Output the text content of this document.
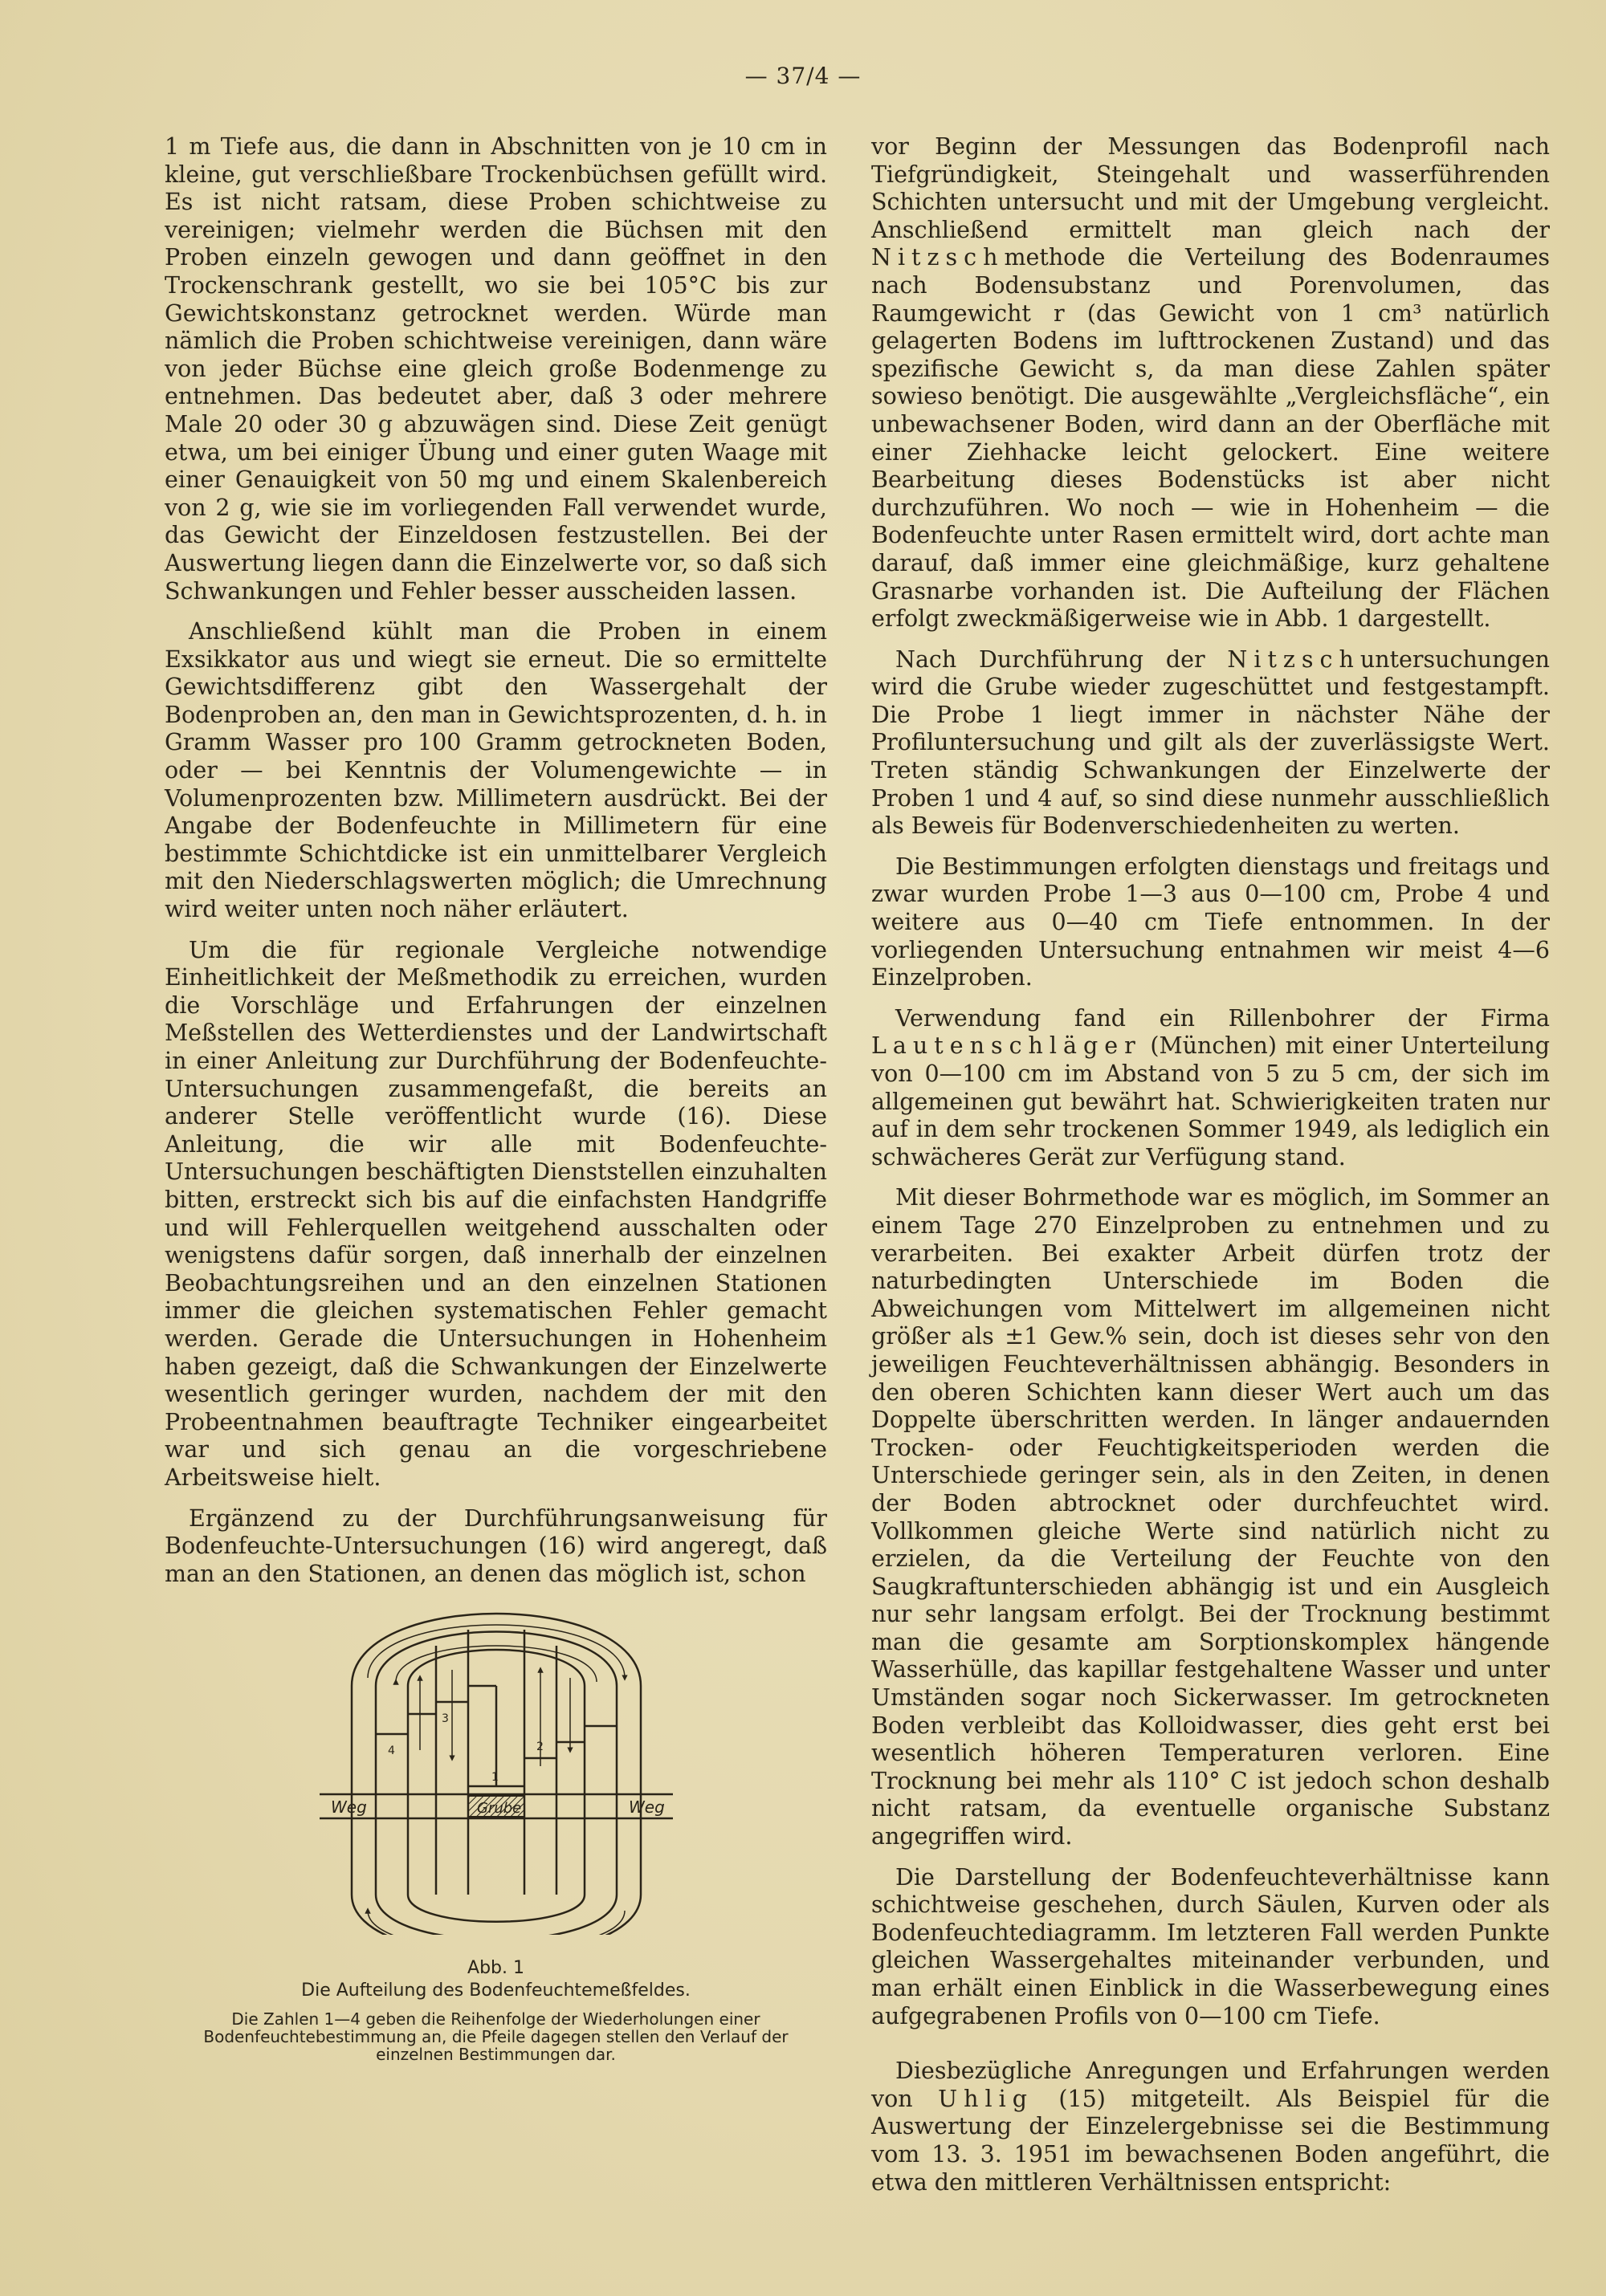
— 37/4 —

1 m Tiefe aus, die dann in Abschnitten von je 10 cm in kleine, gut verschließbare Trockenbüchsen gefüllt wird. Es ist nicht ratsam, diese Proben schichtweise zu vereinigen; vielmehr werden die Büchsen mit den Proben einzeln gewogen und dann geöffnet in den Trockenschrank gestellt, wo sie bei 105°C bis zur Gewichtskonstanz getrocknet werden. Würde man nämlich die Proben schichtweise vereinigen, dann wäre von jeder Büchse eine gleich große Bodenmenge zu entnehmen. Das bedeutet aber, daß 3 oder mehrere Male 20 oder 30 g abzuwägen sind. Diese Zeit genügt etwa, um bei einiger Übung und einer guten Waage mit einer Genauigkeit von 50 mg und einem Skalenbereich von 2 g, wie sie im vorliegenden Fall verwendet wurde, das Gewicht der Einzeldosen festzustellen. Bei der Auswertung liegen dann die Einzelwerte vor, so daß sich Schwankungen und Fehler besser ausscheiden lassen.

Anschließend kühlt man die Proben in einem Exsikkator aus und wiegt sie erneut. Die so ermittelte Gewichtsdifferenz gibt den Wassergehalt der Bodenproben an, den man in Gewichtsprozenten, d. h. in Gramm Wasser pro 100 Gramm getrockneten Boden, oder — bei Kenntnis der Volumengewichte — in Volumenprozenten bzw. Millimetern ausdrückt. Bei der Angabe der Bodenfeuchte in Millimetern für eine bestimmte Schichtdicke ist ein unmittelbarer Vergleich mit den Niederschlagswerten möglich; die Umrechnung wird weiter unten noch näher erläutert.

Um die für regionale Vergleiche notwendige Einheitlichkeit der Meßmethodik zu erreichen, wurden die Vorschläge und Erfahrungen der einzelnen Meßstellen des Wetterdienstes und der Landwirtschaft in einer Anleitung zur Durchführung der Bodenfeuchte-Untersuchungen zusammengefaßt, die bereits an anderer Stelle veröffentlicht wurde (16). Diese Anleitung, die wir alle mit Bodenfeuchte-Untersuchungen beschäftigten Dienststellen einzuhalten bitten, erstreckt sich bis auf die einfachsten Handgriffe und will Fehlerquellen weitgehend ausschalten oder wenigstens dafür sorgen, daß innerhalb der einzelnen Beobachtungsreihen und an den einzelnen Stationen immer die gleichen systematischen Fehler gemacht werden. Gerade die Untersuchungen in Hohenheim haben gezeigt, daß die Schwankungen der Einzelwerte wesentlich geringer wurden, nachdem der mit den Probeentnahmen beauftragte Techniker eingearbeitet war und sich genau an die vorgeschriebene Arbeitsweise hielt.

Ergänzend zu der Durchführungsanweisung für Bodenfeuchte-Untersuchungen (16) wird angeregt, daß man an den Stationen, an denen das möglich ist, schon

Weg	Weg
Grube
1
2
3
4
Abb. 1
Die Aufteilung des Bodenfeuchtemeßfeldes.
Die Zahlen 1—4 geben die Reihenfolge der Wiederholungen einer Bodenfeuchtebestimmung an, die Pfeile dagegen stellen den Verlauf der einzelnen Bestimmungen dar.

vor Beginn der Messungen das Bodenprofil nach Tiefgründigkeit, Steingehalt und wasserführenden Schichten untersucht und mit der Umgebung vergleicht. Anschließend ermittelt man gleich nach der Nitzschmethode die Verteilung des Bodenraumes nach Bodensubstanz und Porenvolumen, das Raumgewicht r (das Gewicht von 1 cm³ natürlich gelagerten Bodens im lufttrockenen Zustand) und das spezifische Gewicht s, da man diese Zahlen später sowieso benötigt. Die ausgewählte „Vergleichsfläche“, ein unbewachsener Boden, wird dann an der Oberfläche mit einer Ziehhacke leicht gelockert. Eine weitere Bearbeitung dieses Bodenstücks ist aber nicht durchzuführen. Wo noch — wie in Hohenheim — die Bodenfeuchte unter Rasen ermittelt wird, dort achte man darauf, daß immer eine gleichmäßige, kurz gehaltene Grasnarbe vorhanden ist. Die Aufteilung der Flächen erfolgt zweckmäßigerweise wie in Abb. 1 dargestellt.

Nach Durchführung der Nitzschuntersuchungen wird die Grube wieder zugeschüttet und festgestampft. Die Probe 1 liegt immer in nächster Nähe der Profiluntersuchung und gilt als der zuverlässigste Wert. Treten ständig Schwankungen der Einzelwerte der Proben 1 und 4 auf, so sind diese nunmehr ausschließlich als Beweis für Bodenverschiedenheiten zu werten.

Die Bestimmungen erfolgten dienstags und freitags und zwar wurden Probe 1—3 aus 0—100 cm, Probe 4 und weitere aus 0—40 cm Tiefe entnommen. In der vorliegenden Untersuchung entnahmen wir meist 4—6 Einzelproben.

Verwendung fand ein Rillenbohrer der Firma Lautenschläger (München) mit einer Unterteilung von 0—100 cm im Abstand von 5 zu 5 cm, der sich im allgemeinen gut bewährt hat. Schwierigkeiten traten nur auf in dem sehr trockenen Sommer 1949, als lediglich ein schwächeres Gerät zur Verfügung stand.

Mit dieser Bohrmethode war es möglich, im Sommer an einem Tage 270 Einzelproben zu entnehmen und zu verarbeiten. Bei exakter Arbeit dürfen trotz der naturbedingten Unterschiede im Boden die Abweichungen vom Mittelwert im allgemeinen nicht größer als ±1 Gew.% sein, doch ist dieses sehr von den jeweiligen Feuchteverhältnissen abhängig. Besonders in den oberen Schichten kann dieser Wert auch um das Doppelte überschritten werden. In länger andauernden Trocken- oder Feuchtigkeitsperioden werden die Unterschiede geringer sein, als in den Zeiten, in denen der Boden abtrocknet oder durchfeuchtet wird. Vollkommen gleiche Werte sind natürlich nicht zu erzielen, da die Verteilung der Feuchte von den Saugkraftunterschieden abhängig ist und ein Ausgleich nur sehr langsam erfolgt. Bei der Trocknung bestimmt man die gesamte am Sorptionskomplex hängende Wasserhülle, das kapillar festgehaltene Wasser und unter Umständen sogar noch Sickerwasser. Im getrockneten Boden verbleibt das Kolloidwasser, dies geht erst bei wesentlich höheren Temperaturen verloren. Eine Trocknung bei mehr als 110° C ist jedoch schon deshalb nicht ratsam, da eventuelle organische Substanz angegriffen wird.

Die Darstellung der Bodenfeuchteverhältnisse kann schichtweise geschehen, durch Säulen, Kurven oder als Bodenfeuchtediagramm. Im letzteren Fall werden Punkte gleichen Wassergehaltes miteinander verbunden, und man erhält einen Einblick in die Wasserbewegung eines aufgegrabenen Profils von 0—100 cm Tiefe.

Diesbezügliche Anregungen und Erfahrungen werden von Uhlig (15) mitgeteilt. Als Beispiel für die Auswertung der Einzelergebnisse sei die Bestimmung vom 13. 3. 1951 im bewachsenen Boden angeführt, die etwa den mittleren Verhältnissen entspricht:
